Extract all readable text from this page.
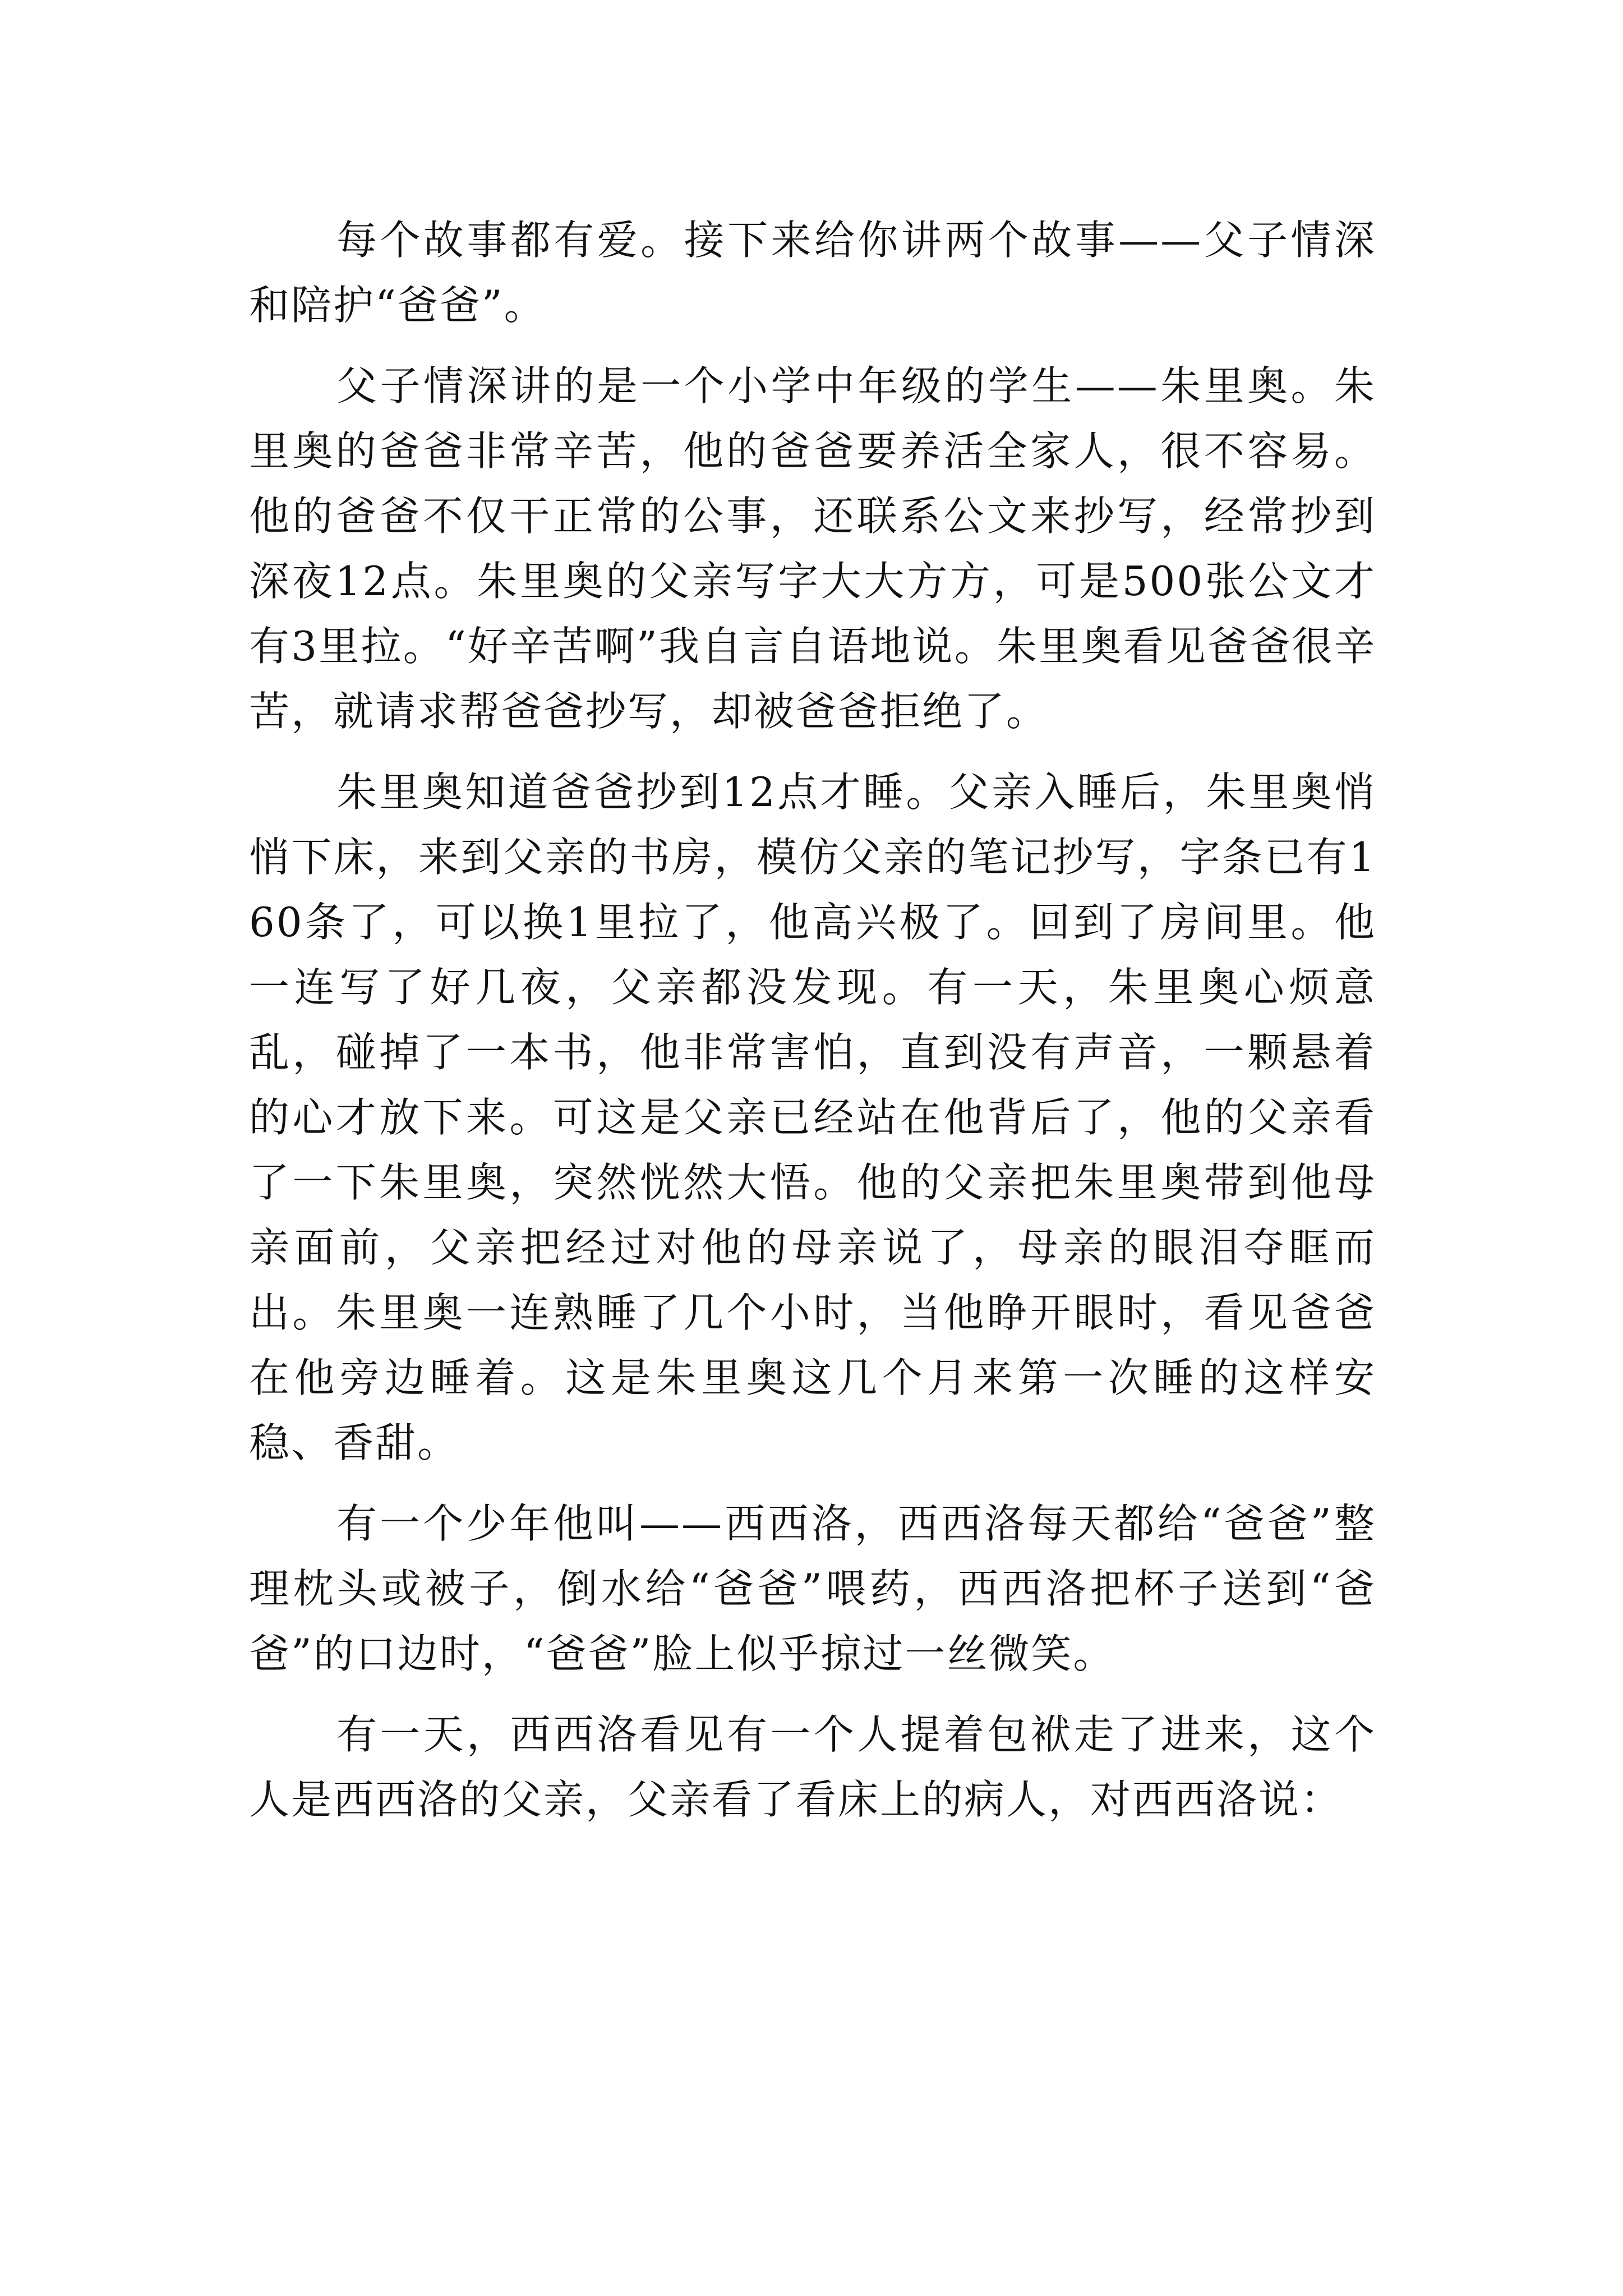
每个故事都有爱。接下来给你讲两个故事——父子情深和陪护“爸爸”。

父子情深讲的是一个小学中年级的学生——朱里奥。朱里奥的爸爸非常辛苦，他的爸爸要养活全家人，很不容易。他的爸爸不仅干正常的公事，还联系公文来抄写，经常抄到深夜12点。朱里奥的父亲写字大大方方，可是500张公文才有3里拉。“好辛苦啊”我自言自语地说。朱里奥看见爸爸很辛苦，就请求帮爸爸抄写，却被爸爸拒绝了。

朱里奥知道爸爸抄到12点才睡。父亲入睡后，朱里奥悄悄下床，来到父亲的书房，模仿父亲的笔记抄写，字条已有160条了，可以换1里拉了，他高兴极了。回到了房间里。他一连写了好几夜，父亲都没发现。有一天，朱里奥心烦意乱，碰掉了一本书，他非常害怕，直到没有声音，一颗悬着的心才放下来。可这是父亲已经站在他背后了，他的父亲看了一下朱里奥，突然恍然大悟。他的父亲把朱里奥带到他母亲面前，父亲把经过对他的母亲说了，母亲的眼泪夺眶而出。朱里奥一连熟睡了几个小时，当他睁开眼时，看见爸爸在他旁边睡着。这是朱里奥这几个月来第一次睡的这样安稳、香甜。

有一个少年他叫——西西洛，西西洛每天都给“爸爸”整理枕头或被子，倒水给“爸爸”喂药，西西洛把杯子送到“爸爸”的口边时，“爸爸”脸上似乎掠过一丝微笑。

有一天，西西洛看见有一个人提着包袱走了进来，这个人是西西洛的父亲，父亲看了看床上的病人，对西西洛说：
